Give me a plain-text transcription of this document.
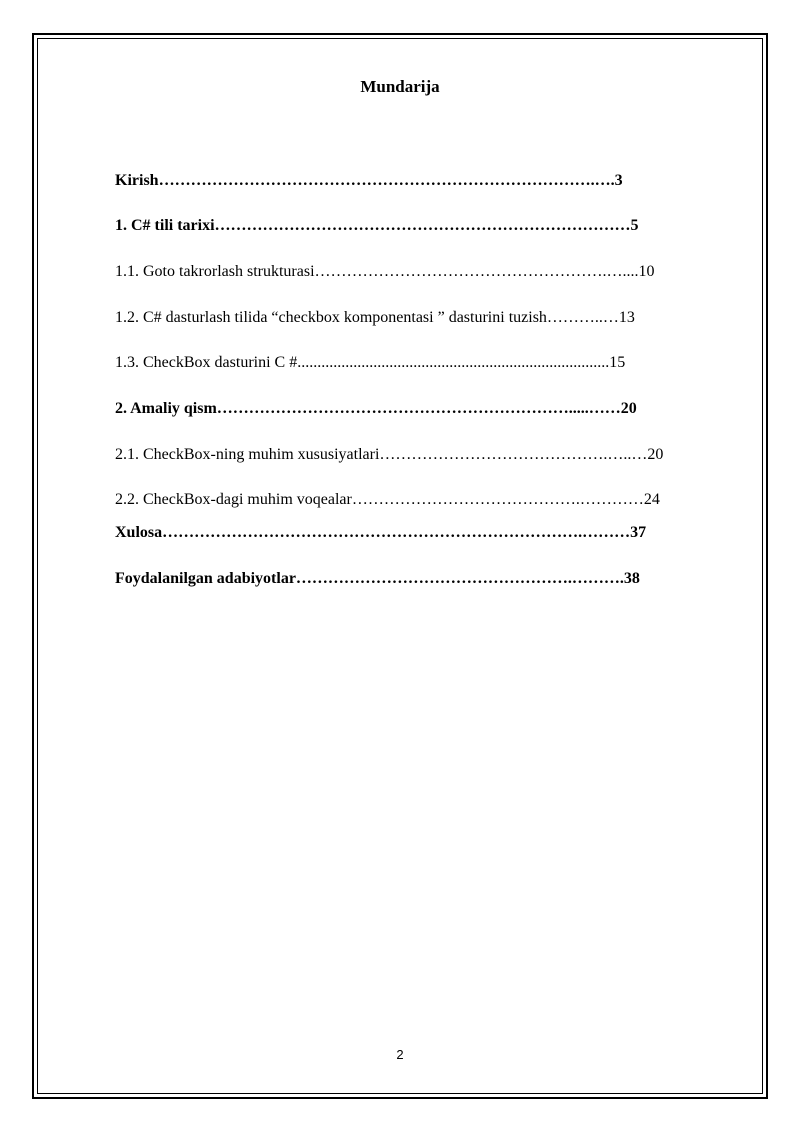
Mundarija
Kirish……………………………………………………………………….….3
1. C# tili tarixi……………………………………………………………………5
1.1. Goto takrorlash strukturasi……………………………………………….…....10
1.2. C# dasturlash tilida “checkbox komponentasi ” dasturini tuzish………..…13
1.3. CheckBox dasturini C #..............................................................................15
2. Amaliy qism………………………………………………………….....……20
2.1. CheckBox-ning muhim xususiyatlari…………………………………….…..…20
2.2. CheckBox-dagi muhim voqealar…………………………………….…………24
Xulosa…………………………………………………………………….………37
Foydalanilgan adabiyotlar…………………………………………….……….38
2
